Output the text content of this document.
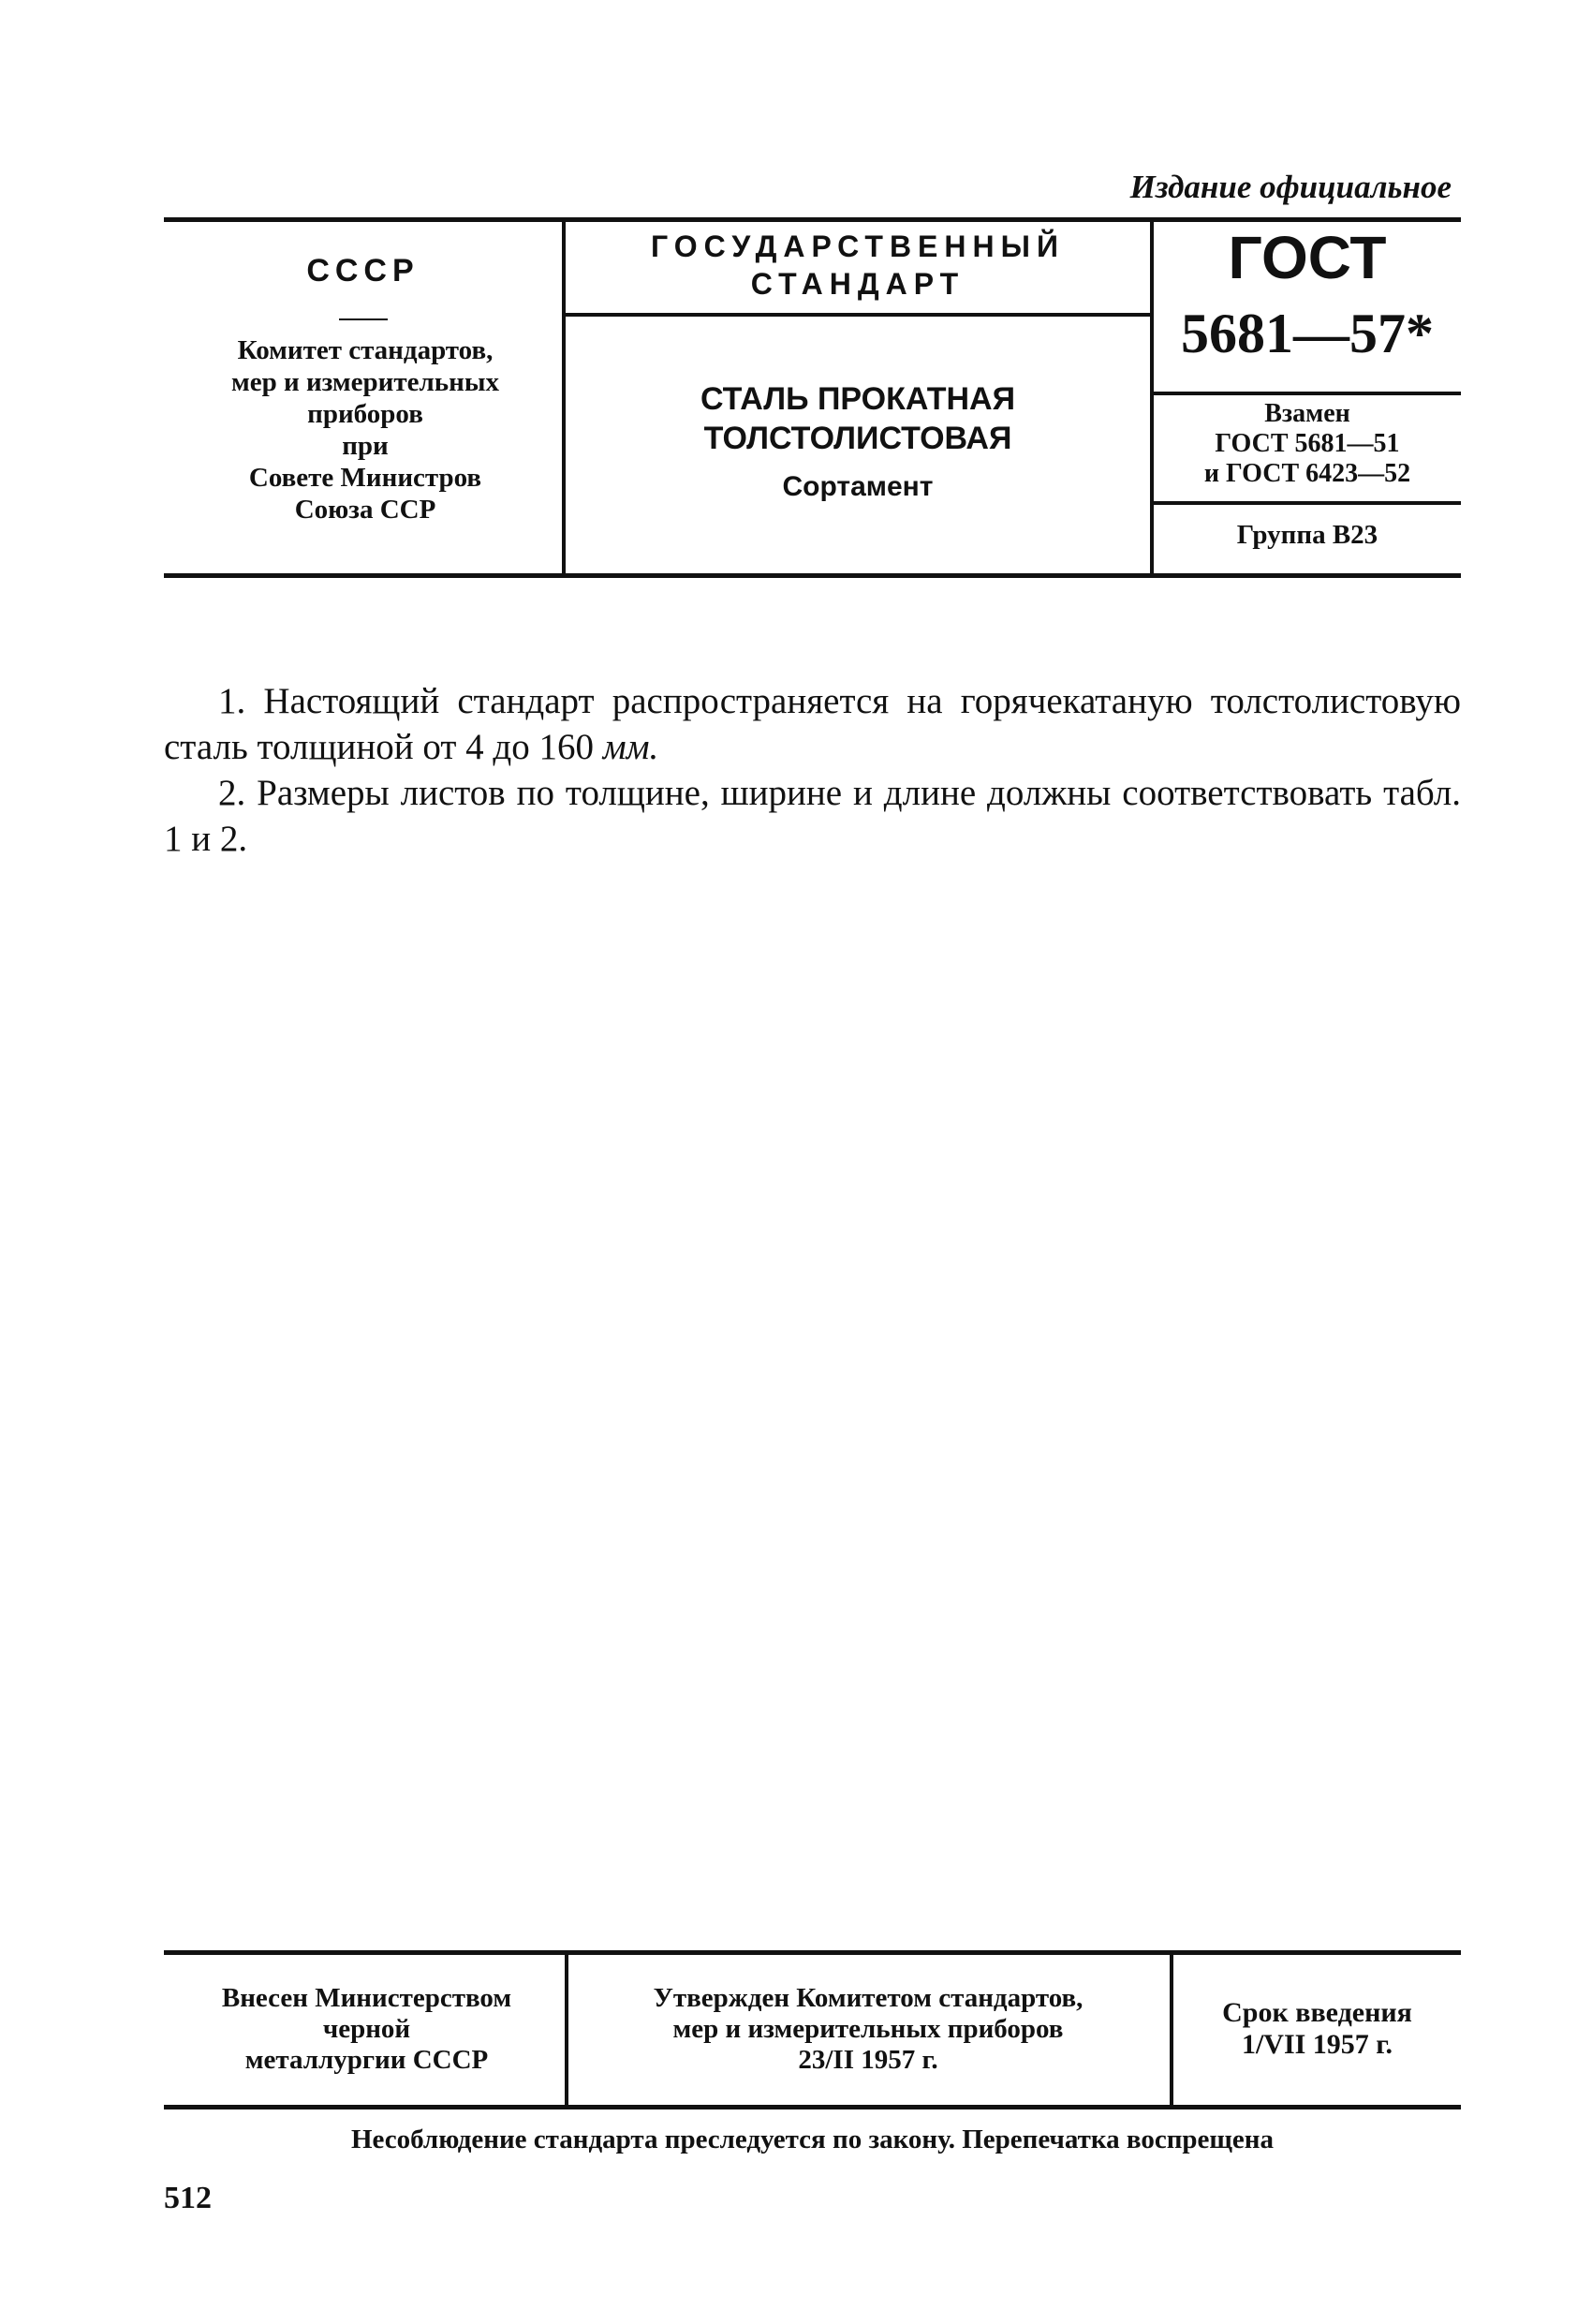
Издание официальное
СССР
Комитет стандартов,
мер и измерительных
приборов
при
Совете Министров
Союза ССР
ГОСУДАРСТВЕННЫЙ
СТАНДАРТ
СТАЛЬ ПРОКАТНАЯ
ТОЛСТОЛИСТОВАЯ
Сортамент
ГОСТ
5681—57*
Взамен
ГОСТ 5681—51
и ГОСТ 6423—52
Группа В23

1. Настоящий стандарт распространяется на горячекатаную толстолистовую сталь толщиной от 4 до 160 мм.

2. Размеры листов по толщине, ширине и длине должны соответствовать табл. 1 и 2.

Внесен Министерством
черной
металлургии СССР
Утвержден Комитетом стандартов,
мер и измерительных приборов
23/II 1957 г.
Срок введения
1/VII 1957 г.
Несоблюдение стандарта преследуется по закону. Перепечатка воспрещена
512
